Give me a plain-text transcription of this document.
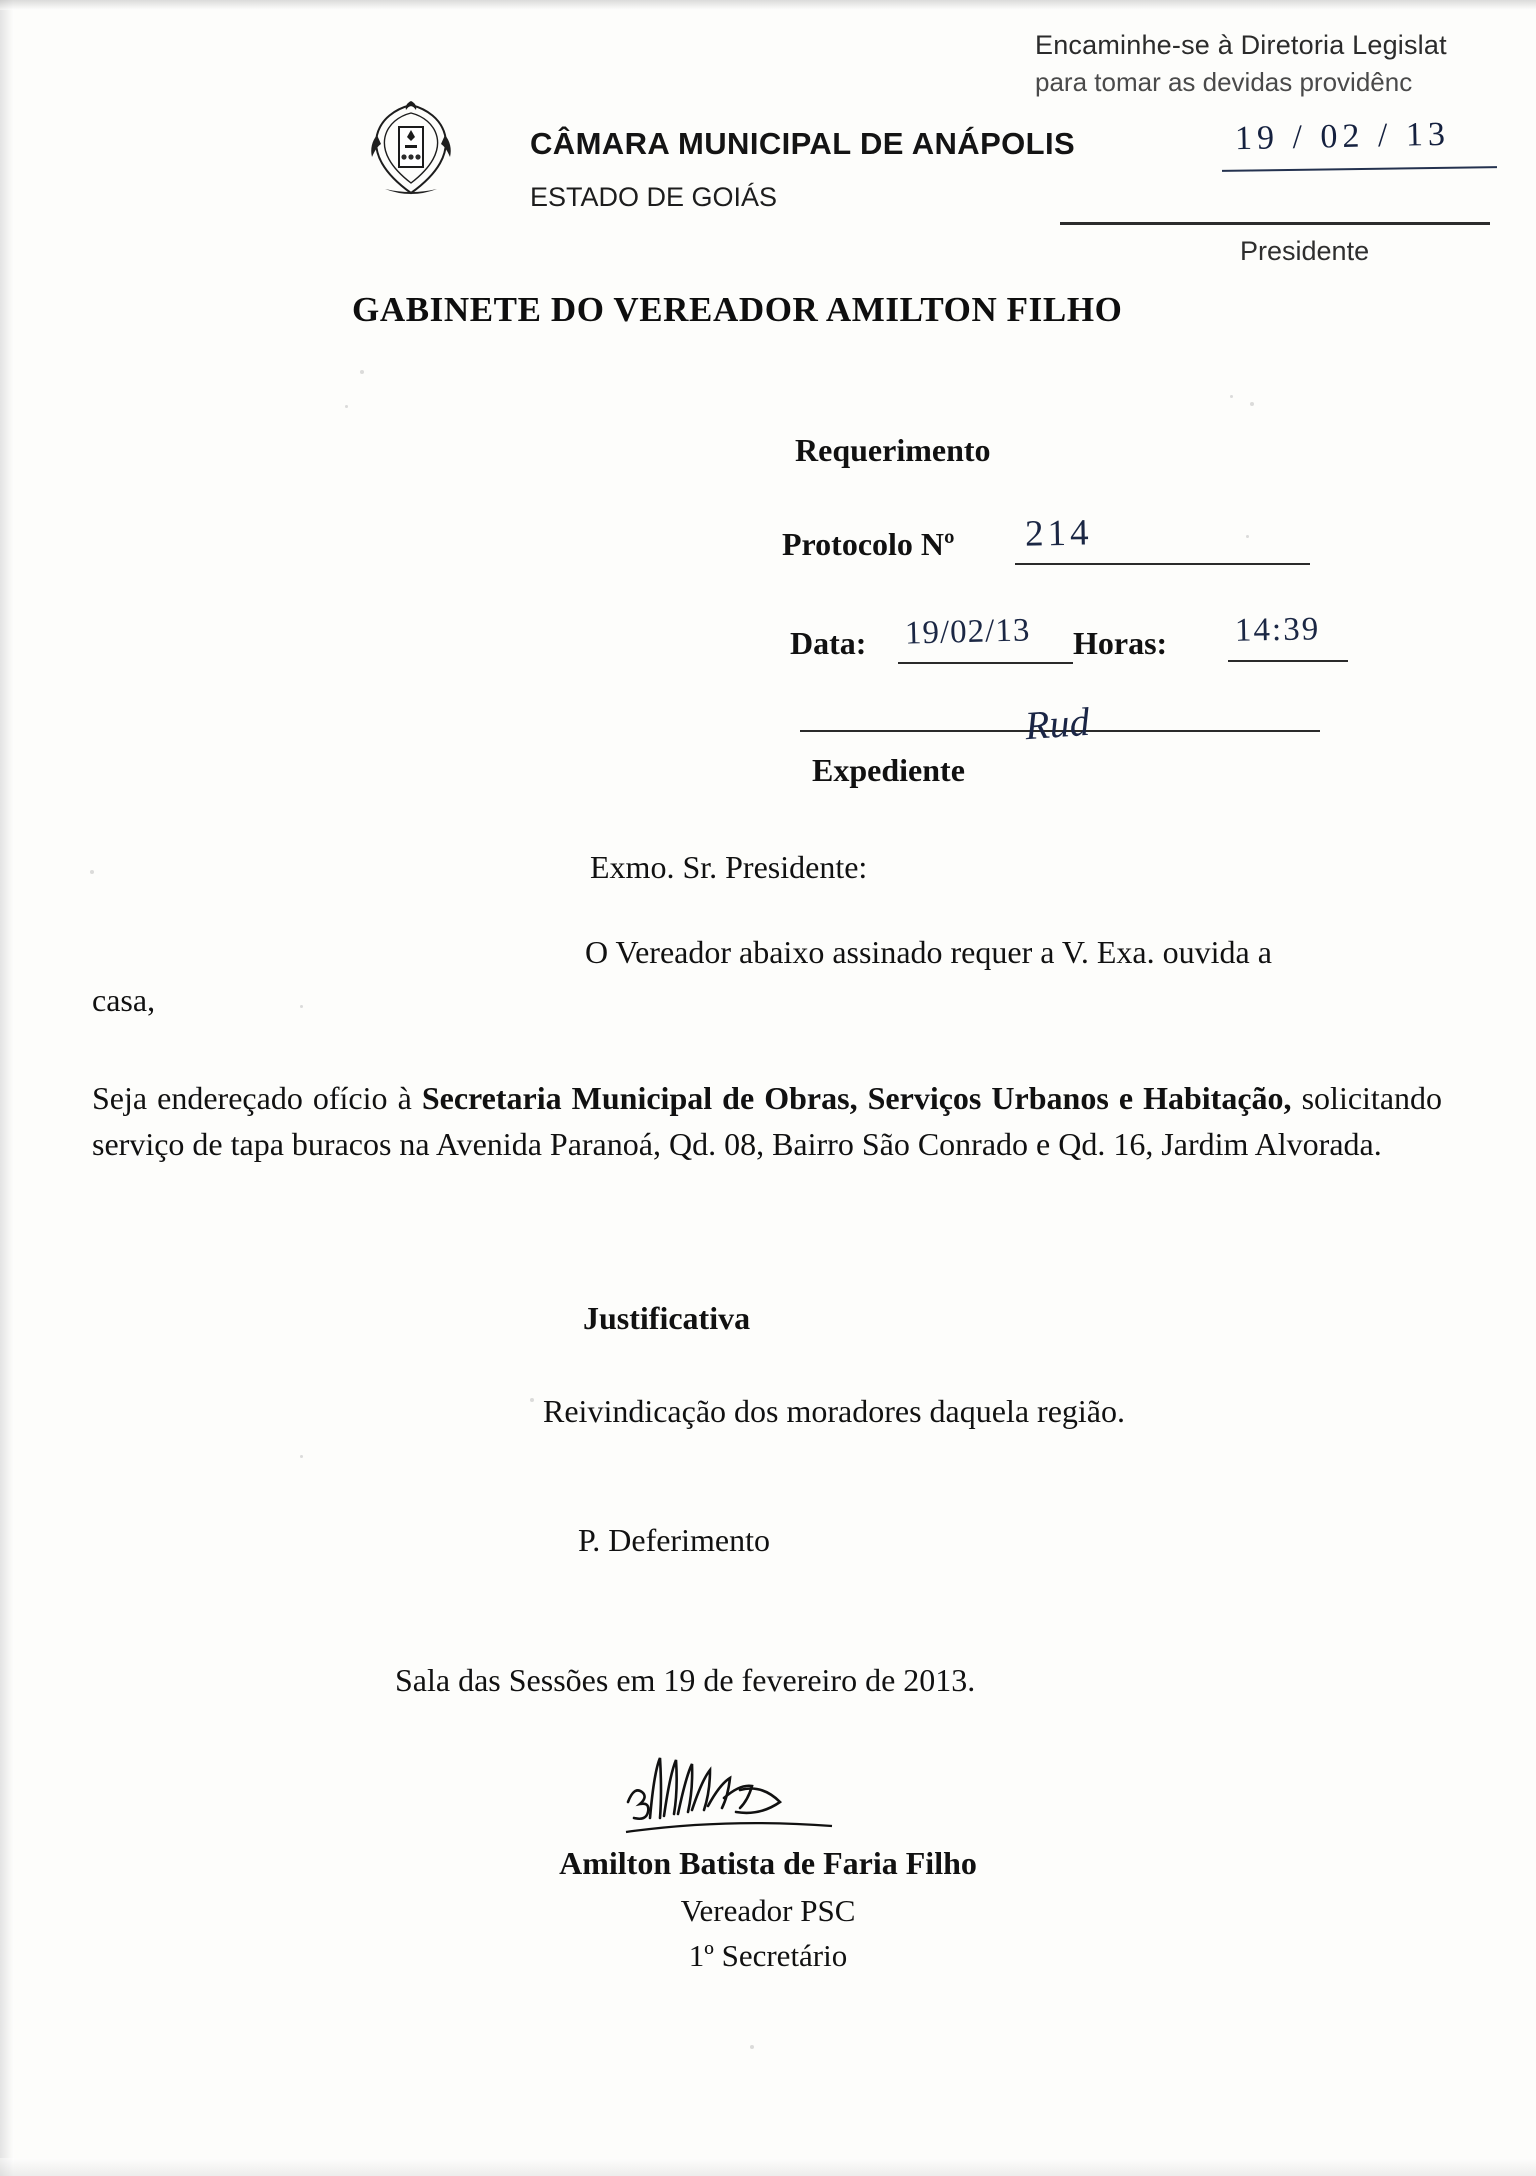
Encaminhe-se à Diretoria Legislat
para tomar as devidas providênc
19 / 02 / 13
Presidente
CÂMARA MUNICIPAL DE ANÁPOLIS
ESTADO DE GOIÁS
GABINETE DO VEREADOR AMILTON FILHO
Requerimento
Protocolo Nº 214
Data: 19/02/13 Horas: 14:39
Expediente
Rud
Exmo. Sr. Presidente:
O Vereador abaixo assinado requer a V. Exa. ouvida a
casa,
Seja endereçado ofício à Secretaria Municipal de Obras, Serviços Urbanos e Habitação, solicitando serviço de tapa buracos na Avenida Paranoá, Qd. 08, Bairro São Conrado e Qd. 16, Jardim Alvorada.
Justificativa
Reivindicação dos moradores daquela região.
P. Deferimento
Sala das Sessões em 19 de fevereiro de 2013.
Amilton Batista de Faria Filho
Vereador PSC
1º Secretário
